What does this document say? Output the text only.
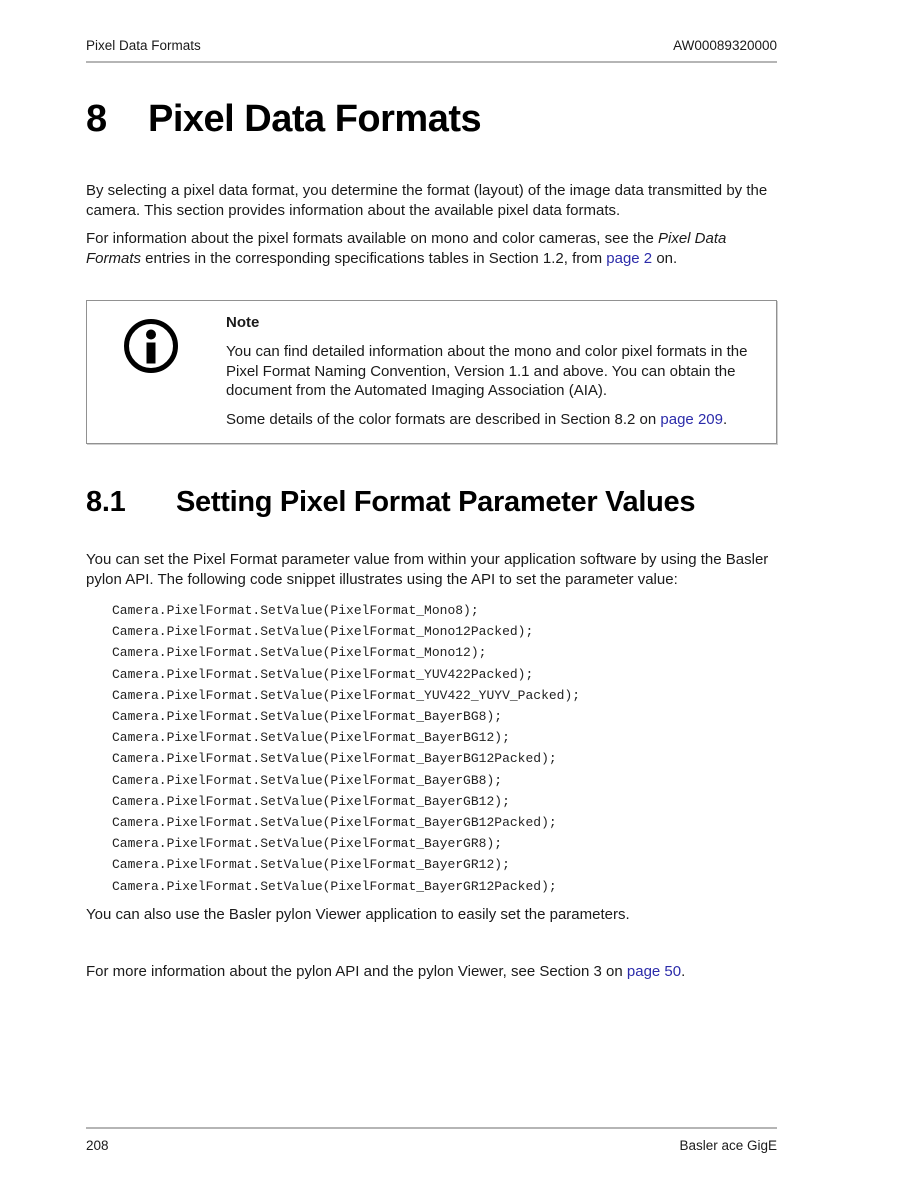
Pixel Data Formats	AW00089320000
8	Pixel Data Formats

By selecting a pixel data format, you determine the format (layout) of the image data transmitted by the camera. This section provides information about the available pixel data formats.

For information about the pixel formats available on mono and color cameras, see the Pixel Data Formats entries in the corresponding specifications tables in Section 1.2, from page 2 on.

Note

You can find detailed information about the mono and color pixel formats in the Pixel Format Naming Convention, Version 1.1 and above. You can obtain the document from the Automated Imaging Association (AIA).

Some details of the color formats are described in Section 8.2 on page 209.

8.1	Setting Pixel Format Parameter Values

You can set the Pixel Format parameter value from within your application software by using the Basler pylon API. The following code snippet illustrates using the API to set the parameter value:

Camera.PixelFormat.SetValue(PixelFormat_Mono8);
Camera.PixelFormat.SetValue(PixelFormat_Mono12Packed);
Camera.PixelFormat.SetValue(PixelFormat_Mono12);
Camera.PixelFormat.SetValue(PixelFormat_YUV422Packed);
Camera.PixelFormat.SetValue(PixelFormat_YUV422_YUYV_Packed);
Camera.PixelFormat.SetValue(PixelFormat_BayerBG8);
Camera.PixelFormat.SetValue(PixelFormat_BayerBG12);
Camera.PixelFormat.SetValue(PixelFormat_BayerBG12Packed);
Camera.PixelFormat.SetValue(PixelFormat_BayerGB8);
Camera.PixelFormat.SetValue(PixelFormat_BayerGB12);
Camera.PixelFormat.SetValue(PixelFormat_BayerGB12Packed);
Camera.PixelFormat.SetValue(PixelFormat_BayerGR8);
Camera.PixelFormat.SetValue(PixelFormat_BayerGR12);
Camera.PixelFormat.SetValue(PixelFormat_BayerGR12Packed);

You can also use the Basler pylon Viewer application to easily set the parameters.

For more information about the pylon API and the pylon Viewer, see Section 3 on page 50.

208	Basler ace GigE
